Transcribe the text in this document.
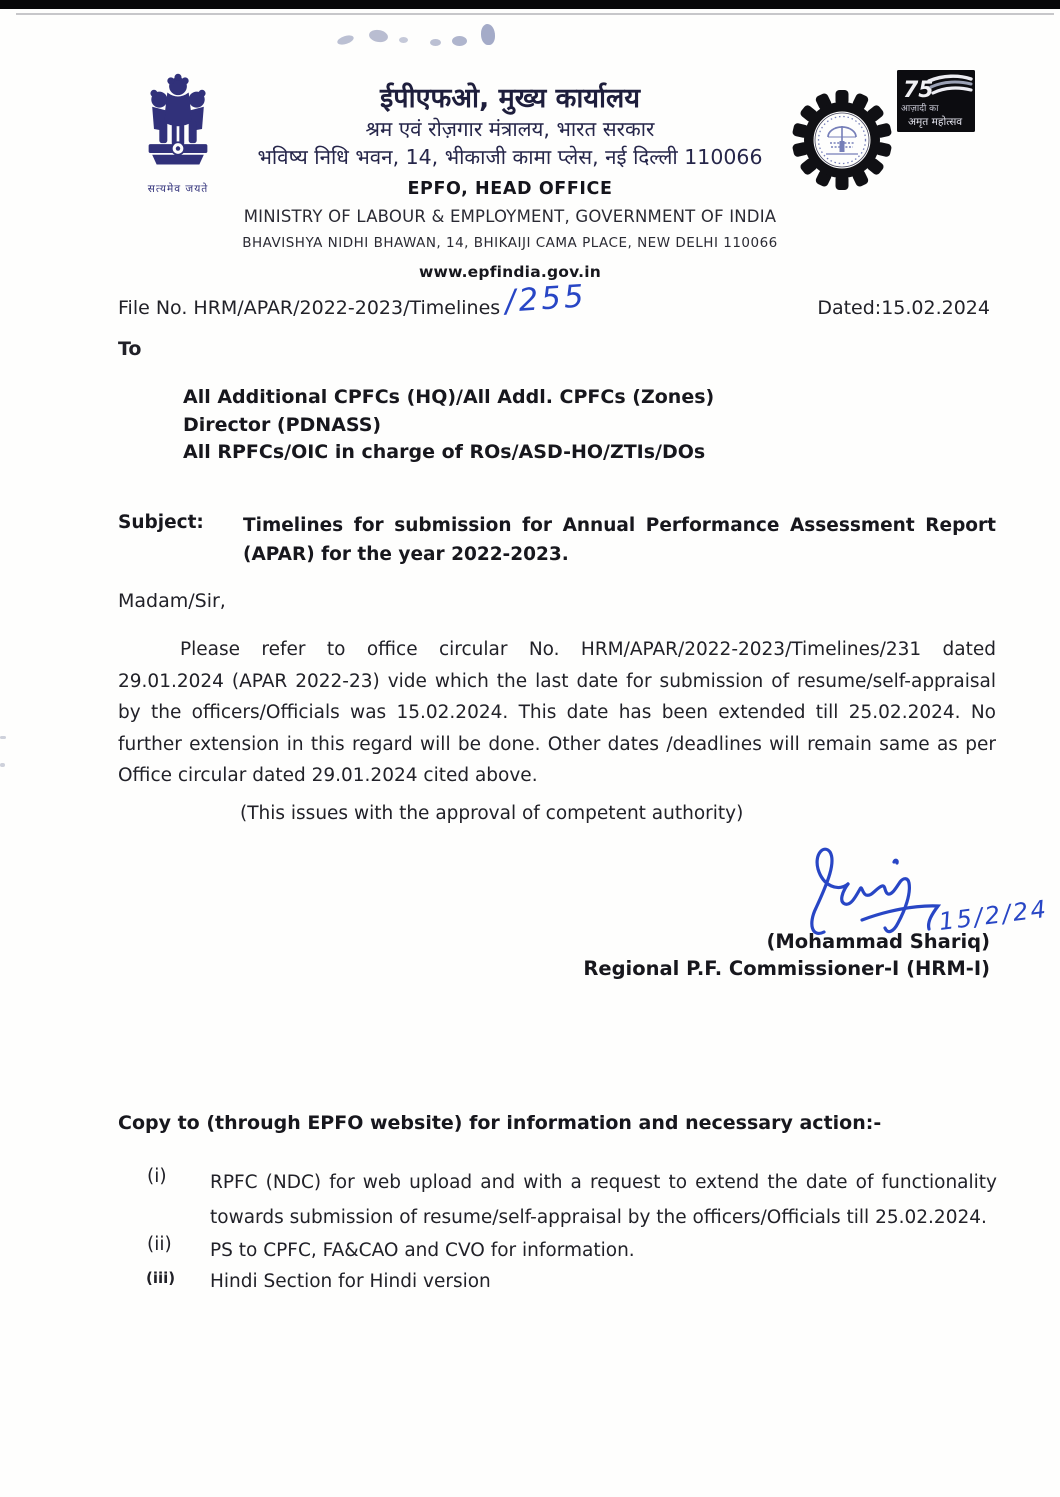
सत्यमेव जयते
ईपीएफओ, मुख्य कार्यालय
श्रम एवं रोज़गार मंत्रालय, भारत सरकार
भविष्य निधि भवन, 14, भीकाजी कामा प्लेस, नई दिल्ली 110066
EPFO, HEAD OFFICE
MINISTRY OF LABOUR & EMPLOYMENT, GOVERNMENT OF INDIA
BHAVISHYA NIDHI BHAWAN, 14, BHIKAIJI CAMA PLACE, NEW DELHI 110066
www.epfindia.gov.in
75
आज़ादी का
अमृत महोत्सव
File No. HRM/APAR/2022-2023/Timelines /255	Dated:15.02.2024
To
All Additional CPFCs (HQ)/All Addl. CPFCs (Zones)
Director (PDNASS)
All RPFCs/OIC in charge of ROs/ASD-HO/ZTIs/DOs
Subject: Timelines for submission for Annual Performance Assessment Report
(APAR) for the year 2022-2023.
Madam/Sir,
Please refer to office circular No. HRM/APAR/2022-2023/Timelines/231 dated 29.01.2024 (APAR 2022-23) vide which the last date for submission of resume/self-appraisal by the officers/Officials was 15.02.2024. This date has been extended till 25.02.2024. No further extension in this regard will be done. Other dates /deadlines will remain same as per Office circular dated 29.01.2024 cited above.
(This issues with the approval of competent authority)
15/2/24
(Mohammad Shariq)
Regional P.F. Commissioner-I (HRM-I)
Copy to (through EPFO website) for information and necessary action:-
(i) RPFC (NDC) for web upload and with a request to extend the date of functionality towards submission of resume/self-appraisal by the officers/Officials till 25.02.2024.
(ii) PS to CPFC, FA&CAO and CVO for information.
(iii) Hindi Section for Hindi version
